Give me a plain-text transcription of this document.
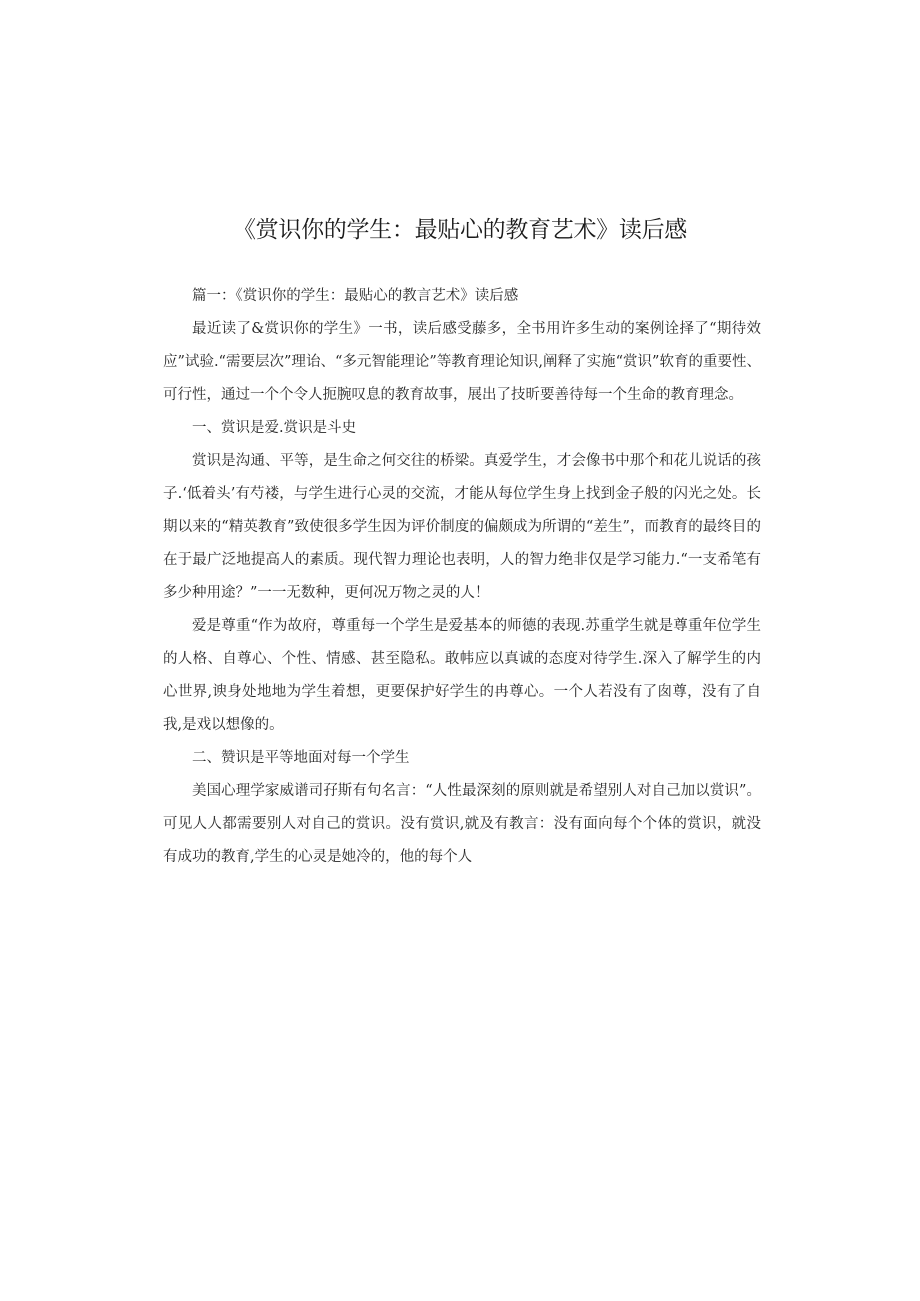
《赏识你的学生：最贴心的教育艺术》读后感

篇一：《赏识你的学生：最贴心的教言艺术》读后感

最近读了&赏识你的学生》一书，读后感受藤多，全书用许多生动的案例诠择了“期待效应”试验.“需要层次”理诒、“多元智能理论”等教育理论知识,阐释了实施“赏识”软育的重要性、可行性，通过一个个令人扼腕叹息的教育故事，展出了技昕要善待每一个生命的教育理念。

一、赏识是爱.赏识是斗史

赏识是沟通、平等，是生命之何交往的桥梁。真爱学生，才会像书中那个和花儿说话的孩子.‘低着头’有芍褛，与学生进行心灵的交流，才能从每位学生身上找到金子般的闪光之处。长期以来的“精英教育”致使很多学生因为评价制度的偏颇成为所谓的“差生”，而教育的最终目的在于最广泛地提高人的素质。现代智力理论也表明，人的智力绝非仅是学习能力.“一支希笔有多少种用途？”一一无数种，更何况万物之灵的人！

爱是尊重“作为故府，尊重每一个学生是爱基本的师德的表现.苏重学生就是尊重年位学生的人格、自尊心、个性、情感、甚至隐私。敢帏应以真诚的态度对待学生.深入了解学生的内心世界,谀身处地地为学生着想，更要保护好学生的冉尊心。一个人若没有了囱尊，没有了自我,是戏以想像的。

二、赞识是平等地面对每一个学生

美国心理学家威谱司孖斯有句名言：“人性最深刻的原则就是希望别人对自己加以赏识”。可见人人都需要别人对自己的赏识。没有赏识,就及有教言：没有面向每个个体的赏识，就没有成功的教育,学生的心灵是她冷的，他的每个人
